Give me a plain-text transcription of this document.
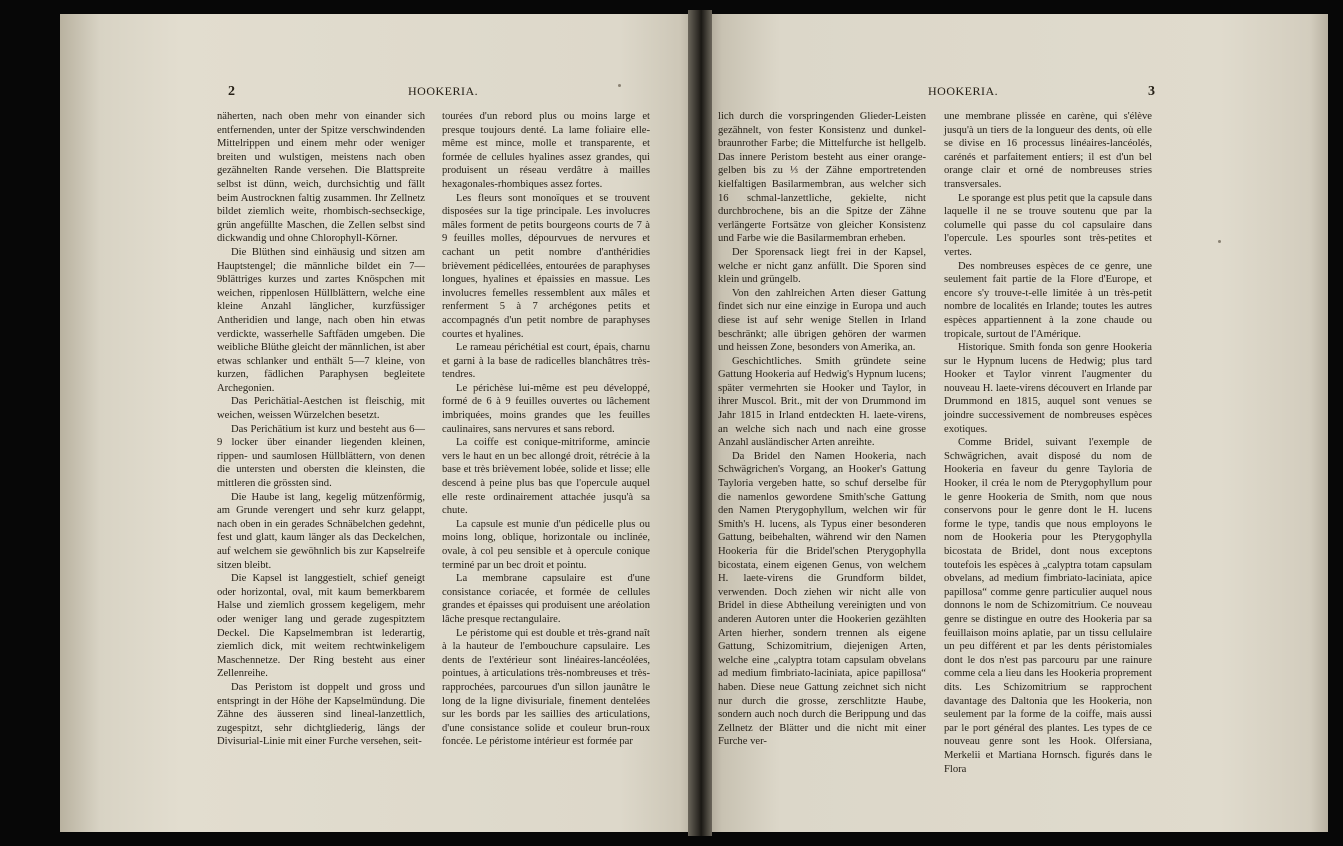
2	HOOKERIA.	HOOKERIA.	3

näherten, nach oben mehr von einander sich entfernenden, unter der Spitze verschwindenden Mittelrippen und einem mehr oder weniger breiten und wulstigen, meistens nach oben gezähnelten Rande versehen. Die Blattspreite selbst ist dünn, weich, durchsichtig und fällt beim Austrocknen faltig zusammen. Ihr Zellnetz bildet ziemlich weite, rhombisch-sechseckige, grün angefüllte Maschen, die Zellen selbst sind dickwandig und ohne Chlorophyll-Körner.

Die Blüthen sind einhäusig und sitzen am Hauptstengel; die männliche bildet ein 7—9blättriges kurzes und zartes Knöspchen mit weichen, rippenlosen Hüllblättern, welche eine kleine Anzahl länglicher, kurzfüssiger Antheridien und lange, nach oben hin etwas verdickte, wasserhelle Saftfäden umgeben. Die weibliche Blüthe gleicht der männlichen, ist aber etwas schlanker und enthält 5—7 kleine, von kurzen, fädlichen Paraphysen begleitete Archegonien.

Das Perichätial-Aestchen ist fleischig, mit weichen, weissen Würzelchen besetzt.

Das Perichätium ist kurz und besteht aus 6—9 locker über einander liegenden kleinen, rippen- und saumlosen Hüllblättern, von denen die untersten und obersten die kleinsten, die mittleren die grössten sind.

Die Haube ist lang, kegelig mützenförmig, am Grunde verengert und sehr kurz gelappt, nach oben in ein gerades Schnäbelchen gedehnt, fest und glatt, kaum länger als das Deckelchen, auf welchem sie gewöhnlich bis zur Kapselreife sitzen bleibt.

Die Kapsel ist langgestielt, schief geneigt oder horizontal, oval, mit kaum bemerkbarem Halse und ziemlich grossem kegeligem, mehr oder weniger lang und gerade zugespitztem Deckel. Die Kapselmembran ist lederartig, ziemlich dick, mit weitem rechtwinkeligem Maschennetze. Der Ring besteht aus einer Zellenreihe.

Das Peristom ist doppelt und gross und entspringt in der Höhe der Kapselmündung. Die Zähne des äusseren sind lineal-lanzettlich, zugespitzt, sehr dichtgliederig, längs der Divisurial-Linie mit einer Furche versehen, seit-

tourées d'un rebord plus ou moins large et presque toujours denté. La lame foliaire elle-même est mince, molle et transparente, et formée de cellules hyalines assez grandes, qui produisent un réseau verdâtre à mailles hexagonales-rhombiques assez fortes.

Les fleurs sont monoïques et se trouvent disposées sur la tige principale. Les involucres mâles forment de petits bourgeons courts de 7 à 9 feuilles molles, dépourvues de nervures et cachant un petit nombre d'anthéridies brièvement pédicellées, entourées de paraphyses longues, hyalines et épaissies en massue. Les involucres femelles ressemblent aux mâles et renferment 5 à 7 archégones petits et accompagnés d'un petit nombre de paraphyses courtes et hyalines.

Le rameau périchétial est court, épais, charnu et garni à la base de radicelles blanchâtres très-tendres.

Le périchèse lui-même est peu développé, formé de 6 à 9 feuilles ouvertes ou lâchement imbriquées, moins grandes que les feuilles caulinaires, sans nervures et sans rebord.

La coiffe est conique-mitriforme, amincie vers le haut en un bec allongé droit, rétrécie à la base et très brièvement lobée, solide et lisse; elle descend à peine plus bas que l'opercule auquel elle reste ordinairement attachée jusqu'à sa chute.

La capsule est munie d'un pédicelle plus ou moins long, oblique, horizontale ou inclinée, ovale, à col peu sensible et à opercule conique terminé par un bec droit et pointu.

La membrane capsulaire est d'une consistance coriacée, et formée de cellules grandes et épaisses qui produisent une aréolation lâche presque rectangulaire.

Le péristome qui est double et très-grand naît à la hauteur de l'embouchure capsulaire. Les dents de l'extérieur sont linéaires-lancéolées, pointues, à articulations très-nombreuses et très-rapprochées, parcourues d'un sillon jaunâtre le long de la ligne divisuriale, finement dentelées sur les bords par les saillies des articulations, d'une consistance solide et couleur brun-roux foncée. Le péristome intérieur est formée par

lich durch die vorspringenden Glieder-Leisten gezähnelt, von fester Konsistenz und dunkel-braunrother Farbe; die Mittelfurche ist hellgelb. Das innere Peristom besteht aus einer orange-gelben bis zu ⅓ der Zähne emportretenden kielfaltigen Basilarmembran, aus welcher sich 16 schmal-lanzettliche, gekielte, nicht durchbrochene, bis an die Spitze der Zähne verlängerte Fortsätze von gleicher Konsistenz und Farbe wie die Basilarmembran erheben.

Der Sporensack liegt frei in der Kapsel, welche er nicht ganz anfüllt. Die Sporen sind klein und grüngelb.

Von den zahlreichen Arten dieser Gattung findet sich nur eine einzige in Europa und auch diese ist auf sehr wenige Stellen in Irland beschränkt; alle übrigen gehören der warmen und heissen Zone, besonders von Amerika, an.

Geschichtliches. Smith gründete seine Gattung Hookeria auf Hedwig's Hypnum lucens; später vermehrten sie Hooker und Taylor, in ihrer Muscol. Brit., mit der von Drummond im Jahr 1815 in Irland entdeckten H. laete-virens, an welche sich nach und nach eine grosse Anzahl ausländischer Arten anreihte.

Da Bridel den Namen Hookeria, nach Schwägrichen's Vorgang, an Hooker's Gattung Tayloria vergeben hatte, so schuf derselbe für die namenlos gewordene Smith'sche Gattung den Namen Pterygophyllum, welchen wir für Smith's H. lucens, als Typus einer besonderen Gattung, beibehalten, während wir den Namen Hookeria für die Bridel'schen Pterygophylla bicostata, einem eigenen Genus, von welchem H. laete-virens die Grundform bildet, verwenden. Doch ziehen wir nicht alle von Bridel in diese Abtheilung vereinigten und von anderen Autoren unter die Hookerien gezählten Arten hierher, sondern trennen als eigene Gattung, Schizomitrium, diejenigen Arten, welche eine „calyptra totam capsulam obvelans ad medium fimbriato-laciniata, apice papillosa“ haben. Diese neue Gattung zeichnet sich nicht nur durch die grosse, zerschlitzte Haube, sondern auch noch durch die Berippung und das Zellnetz der Blätter und die nicht mit einer Furche ver-

une membrane plissée en carène, qui s'élève jusqu'à un tiers de la longueur des dents, où elle se divise en 16 processus linéaires-lancéolés, carénés et parfaitement entiers; il est d'un bel orange clair et orné de nombreuses stries transversales.

Le sporange est plus petit que la capsule dans laquelle il ne se trouve soutenu que par la columelle qui passe du col capsulaire dans l'opercule. Les spourles sont très-petites et vertes.

Des nombreuses espèces de ce genre, une seulement fait partie de la Flore d'Europe, et encore s'y trouve-t-elle limitée à un très-petit nombre de localités en Irlande; toutes les autres espèces appartiennent à la zone chaude ou tropicale, surtout de l'Amérique.

Historique. Smith fonda son genre Hookeria sur le Hypnum lucens de Hedwig; plus tard Hooker et Taylor vinrent l'augmenter du nouveau H. laete-virens découvert en Irlande par Drummond en 1815, auquel sont venues se joindre successivement de nombreuses espèces exotiques.

Comme Bridel, suivant l'exemple de Schwägrichen, avait disposé du nom de Hookeria en faveur du genre Tayloria de Hooker, il créa le nom de Pterygophyllum pour le genre Hookeria de Smith, nom que nous conservons pour le genre dont le H. lucens forme le type, tandis que nous employons le nom de Hookeria pour les Pterygophylla bicostata de Bridel, dont nous exceptons toutefois les espèces à „calyptra totam capsulam obvelans, ad medium fimbriato-laciniata, apice papillosa“ comme genre particulier auquel nous donnons le nom de Schizomitrium. Ce nouveau genre se distingue en outre des Hookeria par sa feuillaison moins aplatie, par un tissu cellulaire un peu différent et par les dents péristomiales dont le dos n'est pas parcouru par une rainure comme cela a lieu dans les Hookeria proprement dits. Les Schizomitrium se rapprochent davantage des Daltonia que les Hookeria, non seulement par la forme de la coiffe, mais aussi par le port général des plantes. Les types de ce nouveau genre sont les Hook. Olfersiana, Merkelii et Martiana Hornsch. figurés dans le Flora
